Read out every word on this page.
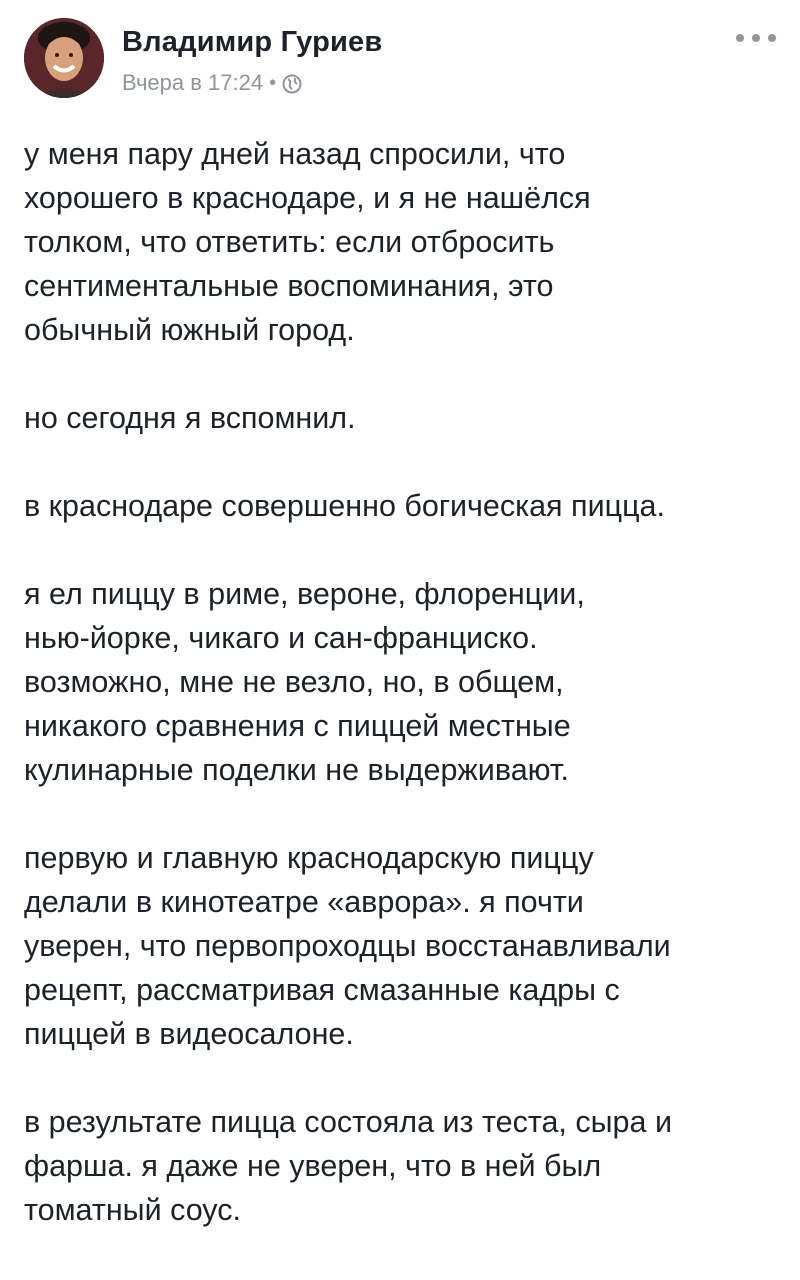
Владимир Гуриев
Вчера в 17:24 •

у меня пару дней назад спросили, что
хорошего в краснодаре, и я не нашёлся
толком, что ответить: если отбросить
сентиментальные воспоминания, это
обычный южный город.

но сегодня я вспомнил.

в краснодаре совершенно богическая пицца.

я ел пиццу в риме, вероне, флоренции,
нью-йорке, чикаго и сан-франциско.
возможно, мне не везло, но, в общем,
никакого сравнения с пиццей местные
кулинарные поделки не выдерживают.

первую и главную краснодарскую пиццу
делали в кинотеатре «аврора». я почти
уверен, что первопроходцы восстанавливали
рецепт, рассматривая смазанные кадры с
пиццей в видеосалоне.

в результате пицца состояла из теста, сыра и
фарша. я даже не уверен, что в ней был
томатный соус.
